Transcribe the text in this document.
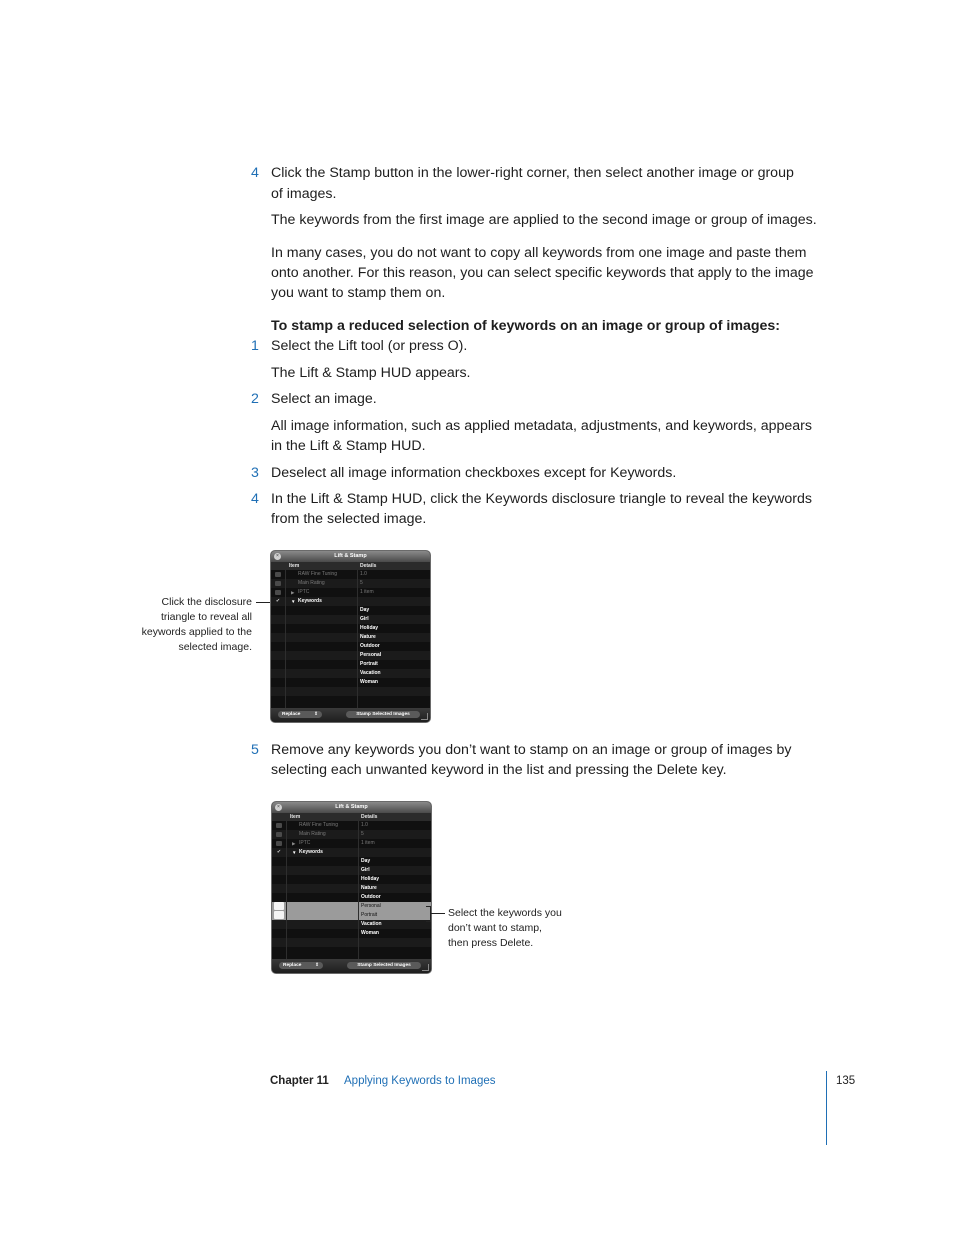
4 Click the Stamp button in the lower-right corner, then select another image or group
of images.
The keywords from the first image are applied to the second image or group of images.
In many cases, you do not want to copy all keywords from one image and paste them
onto another. For this reason, you can select specific keywords that apply to the image
you want to stamp them on.
To stamp a reduced selection of keywords on an image or group of images:
1 Select the Lift tool (or press O).
The Lift & Stamp HUD appears.
2 Select an image.
All image information, such as applied metadata, adjustments, and keywords, appears
in the Lift & Stamp HUD.
3 Deselect all image information checkboxes except for Keywords.
4 In the Lift & Stamp HUD, click the Keywords disclosure triangle to reveal the keywords
from the selected image.
Click the disclosure
triangle to reveal all
keywords applied to the
selected image.
×	Lift & Stamp
Item	Details
RAW Fine Tuning	1.0
Main Rating	5
▶ IPTC	1 item
✔ ▼ Keywords
Day
Girl
Holiday
Nature
Outdoor
Personal
Portrait
Vacation
Woman
Replace	⇕	Stamp Selected Images
5 Remove any keywords you don’t want to stamp on an image or group of images by
selecting each unwanted keyword in the list and pressing the Delete key.
×	Lift & Stamp
Item	Details
RAW Fine Tuning	1.0
Main Rating	5
▶ IPTC	1 item
✔ ▼ Keywords
Day
Girl
Holiday
Nature
Outdoor
Personal
Portrait
Vacation
Woman
Replace	⇕	Stamp Selected Images
Select the keywords you
don’t want to stamp,
then press Delete.
Chapter 11 Applying Keywords to Images	135
